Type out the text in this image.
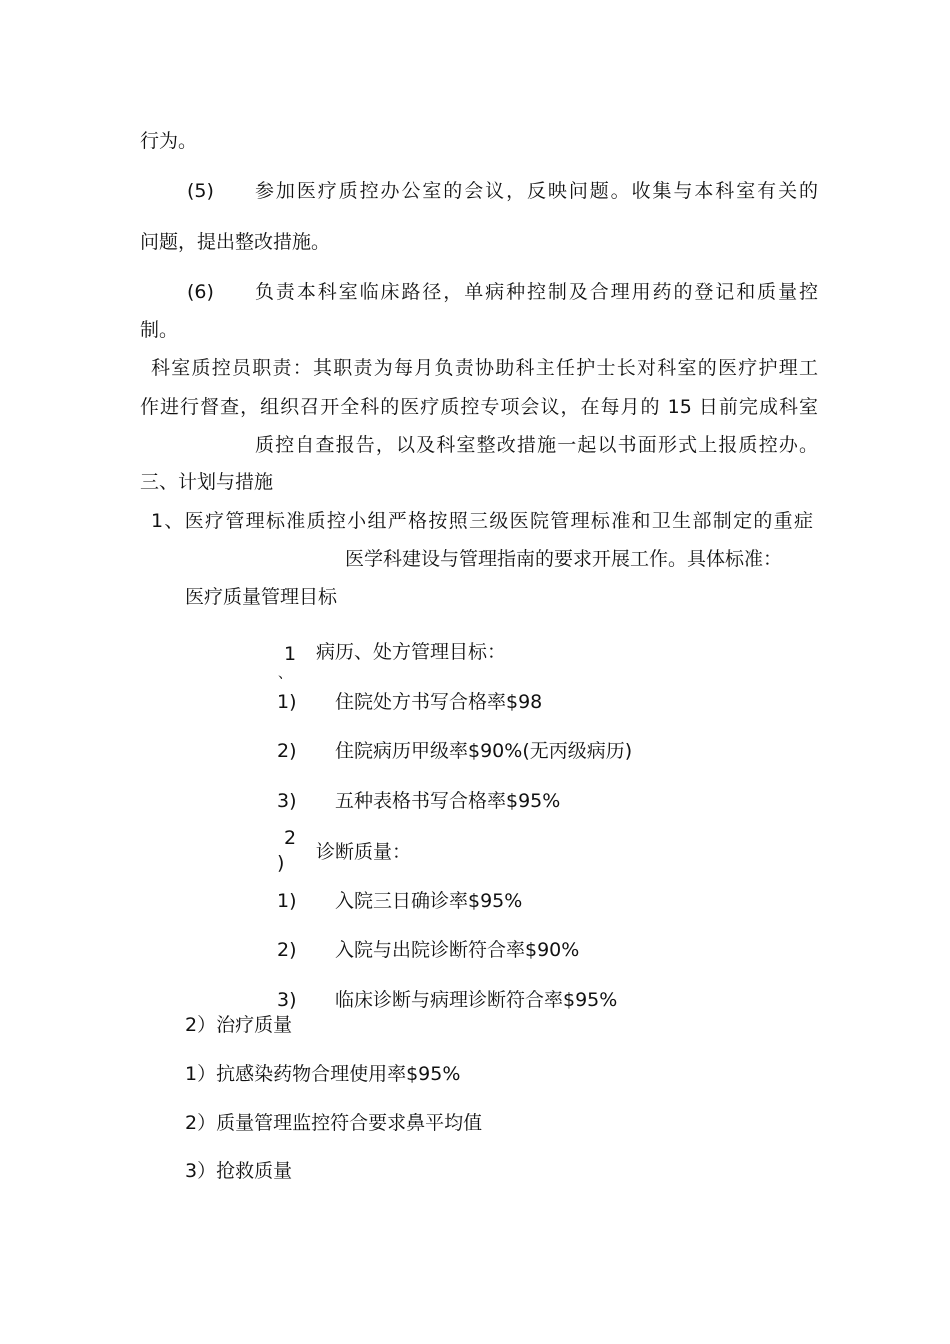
行为。
(5) 参加医疗质控办公室的会议，反映问题。收集与本科室有关的
问题，提出整改措施。
(6) 负责本科室临床路径，单病种控制及合理用药的登记和质量控
制。
科室质控员职责：其职责为每月负责协助科主任护士长对科室的医疗护理工
作进行督查，组织召开全科的医疗质控专项会议，在每月的 15 日前完成科室
质控自查报告，以及科室整改措施一起以书面形式上报质控办。
三、计划与措施
1、医疗管理标准质控小组严格按照三级医院管理标准和卫生部制定的重症
医学科建设与管理指南的要求开展工作。具体标准：
医疗质量管理目标
1
、
病历、处方管理目标：
1) 住院处方书写合格率$98
2) 住院病历甲级率$90%(无丙级病历)
3) 五种表格书写合格率$95%
2
) 诊断质量：
1) 入院三日确诊率$95%
2) 入院与出院诊断符合率$90%
3) 临床诊断与病理诊断符合率$95%
2）治疗质量
1）抗感染药物合理使用率$95%
2）质量管理监控符合要求鼻平均值
3）抢救质量
